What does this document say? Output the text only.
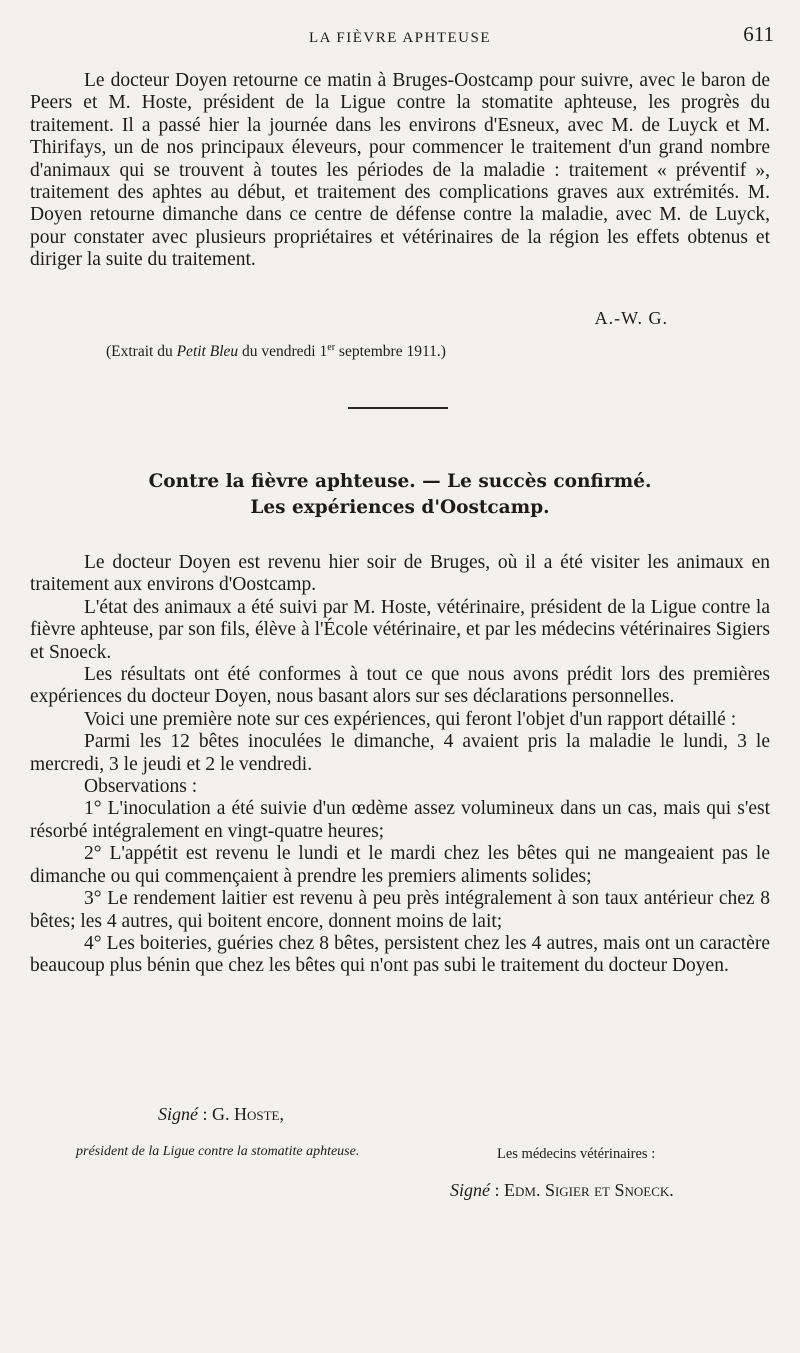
LA FIÈVRE APHTEUSE	611

Le docteur Doyen retourne ce matin à Bruges-Oostcamp pour suivre, avec le baron de Peers et M. Hoste, président de la Ligue contre la stomatite aphteuse, les progrès du traitement. Il a passé hier la journée dans les environs d'Esneux, avec M. de Luyck et M. Thirifays, un de nos principaux éleveurs, pour commencer le traitement d'un grand nombre d'animaux qui se trouvent à toutes les périodes de la maladie : traitement « préventif », traitement des aphtes au début, et traitement des complications graves aux extrémités. M. Doyen retourne dimanche dans ce centre de défense contre la maladie, avec M. de Luyck, pour constater avec plusieurs propriétaires et vétérinaires de la région les effets obtenus et diriger la suite du traitement.

A.-W. G.
(Extrait du Petit Bleu du vendredi 1er septembre 1911.)
Contre la fièvre aphteuse. — Le succès confirmé.
Les expériences d'Oostcamp.

Le docteur Doyen est revenu hier soir de Bruges, où il a été visiter les animaux en traitement aux environs d'Oostcamp.

L'état des animaux a été suivi par M. Hoste, vétérinaire, président de la Ligue contre la fièvre aphteuse, par son fils, élève à l'École vétérinaire, et par les médecins vétérinaires Sigiers et Snoeck.

Les résultats ont été conformes à tout ce que nous avons prédit lors des premières expériences du docteur Doyen, nous basant alors sur ses déclarations personnelles.

Voici une première note sur ces expériences, qui feront l'objet d'un rapport détaillé :

Parmi les 12 bêtes inoculées le dimanche, 4 avaient pris la maladie le lundi, 3 le mercredi, 3 le jeudi et 2 le vendredi.

Observations :

1° L'inoculation a été suivie d'un œdème assez volumineux dans un cas, mais qui s'est résorbé intégralement en vingt-quatre heures;

2° L'appétit est revenu le lundi et le mardi chez les bêtes qui ne mangeaient pas le dimanche ou qui commençaient à prendre les premiers aliments solides;

3° Le rendement laitier est revenu à peu près intégralement à son taux antérieur chez 8 bêtes; les 4 autres, qui boitent encore, donnent moins de lait;

4° Les boiteries, guéries chez 8 bêtes, persistent chez les 4 autres, mais ont un caractère beaucoup plus bénin que chez les bêtes qui n'ont pas subi le traitement du docteur Doyen.

Signé : G. Hoste,
président de la Ligue contre la stomatite aphteuse.	Les médecins vétérinaires :
Signé : Edm. Sigier et Snoeck.
